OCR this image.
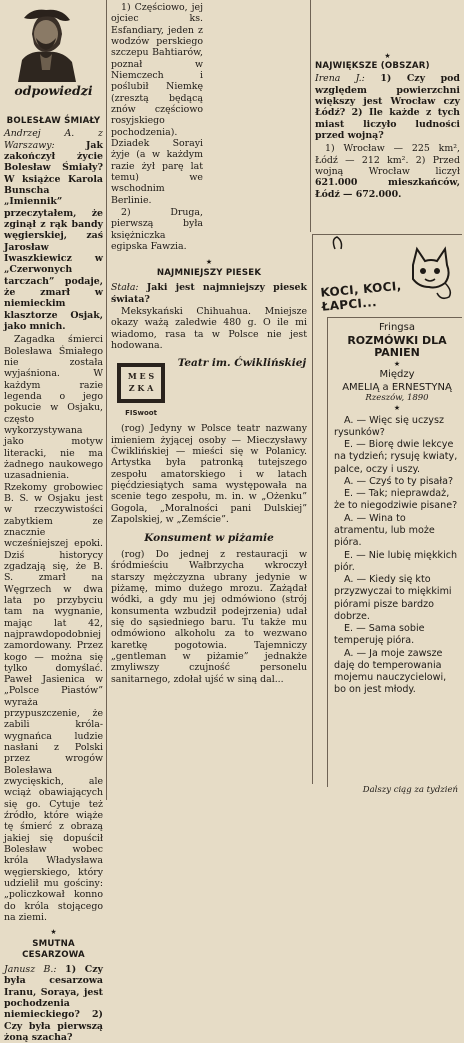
odpowiedzi
BOLESŁAW ŚMIAŁY

Andrzej A. z Warszawy:	Jak zakończył życie Bolesław Śmiały? W książce Karola Bunscha „Imiennik” przeczytałem, że zginął z rąk bandy węgierskiej, zaś Jarosław Iwaszkiewicz w „Czerwonych tarczach” podaje, że zmarł w niemieckim klasztorze Osjak, jako mnich.

Zagadka śmierci Bolesława Śmiałego nie została wyjaśniona. W każdym razie legenda o jego pokucie w Osjaku, często wykorzystywana jako motyw literacki, nie ma żadnego naukowego uzasadnienia. Rzekomy grobowiec B. S. w Osjaku jest w rzeczywistości zabytkiem ze znacznie wcześniejszej epoki. Dziś historycy zgadzają się, że B. S. zmarł na Węgrzech w dwa lata po przybyciu tam na wygnanie, mając lat 42, najprawdopodobniej zamordowany. Przez kogo — można się tylko domyślać. Paweł Jasienica w „Polsce Piastów” wyraża przypuszczenie, że zabili króla-wygnańca ludzie nasłani z Polski przez wrogów Bolesława zwycięskich, ale wciąż obawiających się go. Cytuje też źródło, które wiąże tę śmierć z obrazą jakiej się dopuścił Bolesław wobec króla Władysława węgierskiego, który udzielił mu gościny: „policzkował konno do króla stojącego na ziemi.

★
SMUTNA CESARZOWA

Janusz B.: 1) Czy była cesarzowa Iranu, Soraya, jest pochodzenia niemieckiego? 2) Czy była pierwszą żoną szacha?

1) Częściowo, jej ojciec ks. Esfandiary, jeden z wodzów perskiego szczepu Bahtiarów, poznał w Niemczech i poślubił Niemkę (zresztą będącą znów częściowo rosyjskiego pochodzenia). Dziadek Sorayi żyje (a w każdym razie żył parę lat temu) we wschodnim Berlinie.

2) Druga, pierwszą była księżniczka egipska Fawzia.

★
NAJMNIEJSZY PIESEK

Stała: Jaki jest najmniejszy piesek świata?

Meksykański Chihuahua. Mniejsze okazy ważą zaledwie 480 g. O ile mi wiadomo, rasa ta w Polsce nie jest hodowana.

M E S
Z K A
FISwoot
Teatr im. Ćwiklińskiej

(rog) Jedyny w Polsce teatr nazwany imieniem żyjącej osoby — Mieczysławy Ćwiklińskiej — mieści się w Polanicy. Artystka była patronką tutejszego zespołu amatorskiego i w latach pięćdziesiątych sama występowała na scenie tego zespołu, m. in. w „Ożenku” Gogola, „Moralności pani Dulskiej” Zapolskiej, w „Zemście”.

Konsument w piżamie

(rog) Do jednej z restauracji w śródmieściu Wałbrzycha wkroczył starszy mężczyzna ubrany jedynie w piżamę, mimo dużego mrozu. Zażądał wódki, a gdy mu jej odmówiono (strój konsumenta wzbudził podejrzenia) udał się do sąsiedniego baru. Tu także mu odmówiono alkoholu za to wezwano karetkę pogotowia. Tajemniczy „gentleman w piżamie” jednakże zmyliwszy czujność personelu sanitarnego, zdołał ujść w siną dal...

★
NAJWIĘKSZE (OBSZAR)

Irena J.: 1) Czy pod względem powierzchni większy jest Wrocław czy Łódź? 2) Ile każde z tych miast liczyło ludności przed wojną?

1) Wrocław — 225 km², Łódź — 212 km². 2) Przed wojną Wrocław liczył 621.000 mieszkańców, Łódź — 672.000.

KOCI, KOCI, ŁAPCI...
Fringsa
ROZMÓWKI DLA PANIEN
★
Między
AMELIĄ a ERNESTYNĄ
Rzeszów, 1890
★

A. — Więc się uczysz rysunków?

E. — Biorę dwie lekcye na tydzień; rysuję kwiaty, palce, oczy i uszy.

A. — Czyś to ty pisała?

E. — Tak; nieprawdaż, że to niegodziwie pisane?

A. — Wina to atramentu, lub może pióra.

E. — Nie lubię miękkich piór.

A. — Kiedy się kto przyzwyczai to miękkimi piórami pisze bardzo dobrze.

E. — Sama sobie temperuję pióra.

A. — Ja mojе zawsze daję do temperowania mojemu nauczycielowi, bo on jest młody.

Dalszy ciąg za tydzień
